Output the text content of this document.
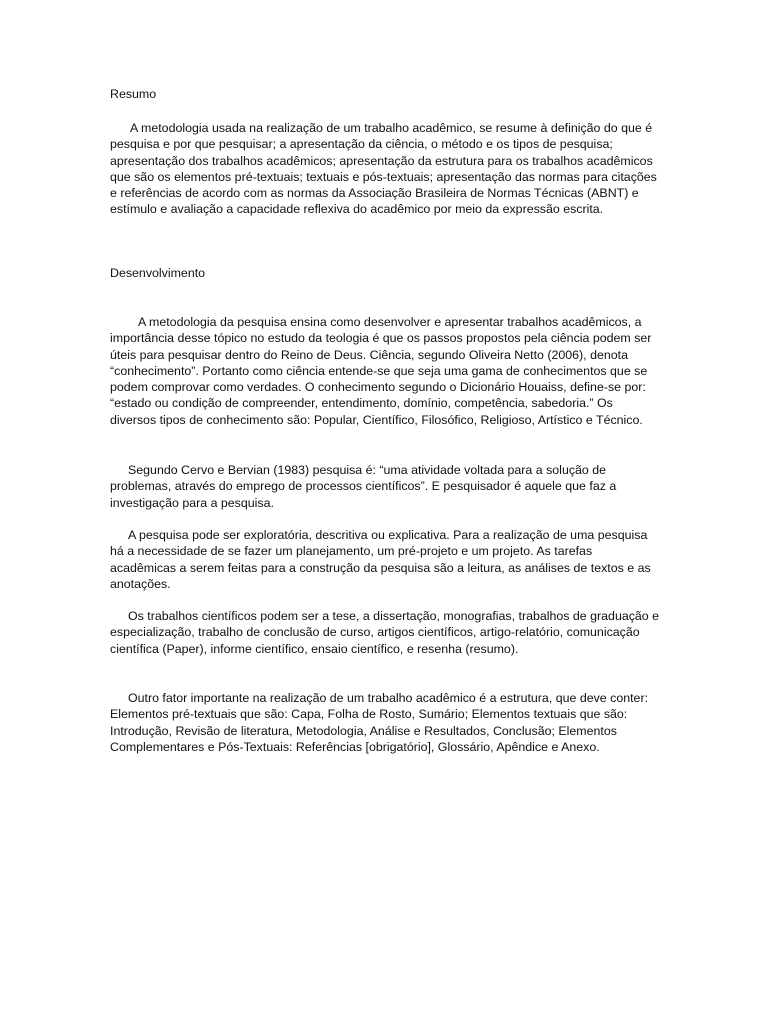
Resumo

A metodologia usada na realização de um trabalho acadêmico, se resume à definição do que é pesquisa e por que pesquisar; a apresentação da ciência, o método e os tipos de pesquisa; apresentação dos trabalhos acadêmicos; apresentação da estrutura para os trabalhos acadêmicos que são os elementos pré-textuais; textuais e pós-textuais; apresentação das normas para citações e referências de acordo com as normas da Associação Brasileira de Normas Técnicas (ABNT) e estímulo e avaliação a capacidade reflexiva do acadêmico por meio da expressão escrita.

Desenvolvimento

A metodologia da pesquisa ensina como desenvolver e apresentar trabalhos acadêmicos, a importância desse tópico no estudo da teologia é que os passos propostos pela ciência podem ser úteis para pesquisar dentro do Reino de Deus. Ciência, segundo Oliveira Netto (2006), denota “conhecimento”. Portanto como ciência entende-se que seja uma gama de conhecimentos que se podem comprovar como verdades. O conhecimento segundo o Dicionário Houaiss, define-se por: “estado ou condição de compreender, entendimento, domínio, competência, sabedoria.” Os diversos tipos de conhecimento são: Popular, Científico, Filosófico, Religioso, Artístico e Técnico.

Segundo Cervo e Bervian (1983) pesquisa é: “uma atividade voltada para a solução de problemas, através do emprego de processos científicos”. E pesquisador é aquele que faz a investigação para a pesquisa.

A pesquisa pode ser exploratória, descritiva ou explicativa. Para a realização de uma pesquisa há a necessidade de se fazer um planejamento, um pré-projeto e um projeto. As tarefas acadêmicas a serem feitas para a construção da pesquisa são a leitura, as análises de textos e as anotações.

Os trabalhos científicos podem ser a tese, a dissertação, monografias, trabalhos de graduação e especialização, trabalho de conclusão de curso, artigos científicos, artigo-relatório, comunicação científica (Paper), informe científico, ensaio científico, e resenha (resumo).

Outro fator importante na realização de um trabalho acadêmico é a estrutura, que deve conter: Elementos pré-textuais que são: Capa, Folha de Rosto, Sumário; Elementos textuais que são: Introdução, Revisão de literatura, Metodologia, Análise e Resultados, Conclusão; Elementos Complementares e Pós-Textuais: Referências [obrigatório], Glossário, Apêndice e Anexo.
